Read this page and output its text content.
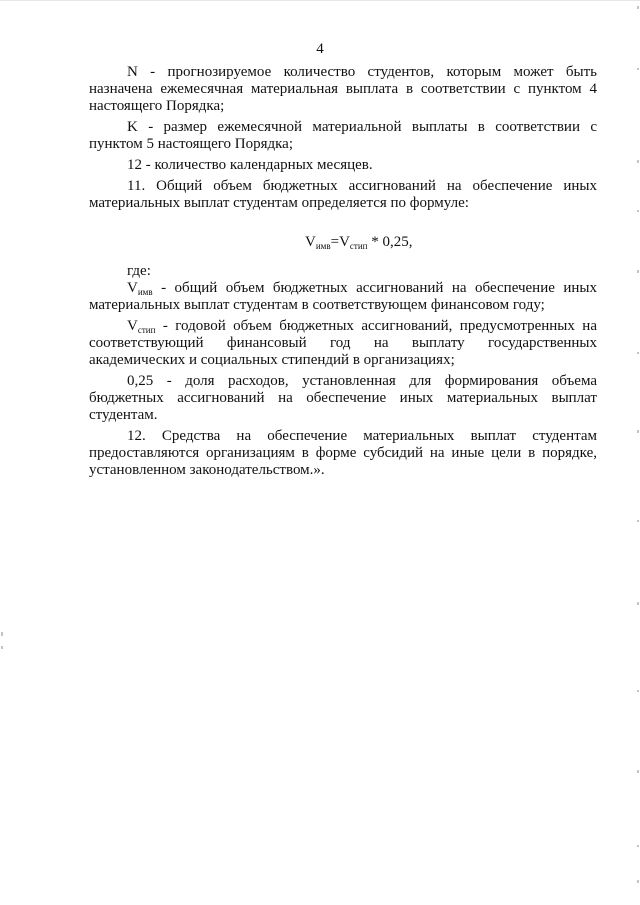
4

N - прогнозируемое количество студентов, которым может быть назначена ежемесячная материальная выплата в соответствии с пунктом 4 настоящего Порядка;

K - размер ежемесячной материальной выплаты в соответствии с пунктом 5 настоящего Порядка;

12 - количество календарных месяцев.

11. Общий объем бюджетных ассигнований на обеспечение иных материальных выплат студентам определяется по формуле:

$V_{имв}=V_{стип} * 0,25$,

где:

$V_{имв}$ - общий объем бюджетных ассигнований на обеспечение иных материальных выплат студентам в соответствующем финансовом году;

$V_{стип}$ - годовой объем бюджетных ассигнований, предусмотренных на соответствующий финансовый год на выплату государственных академических и социальных стипендий в организациях;

0,25 - доля расходов, установленная для формирования объема бюджетных ассигнований на обеспечение иных материальных выплат студентам.

12. Средства на обеспечение материальных выплат студентам предоставляются организациям в форме субсидий на иные цели в порядке, установленном законодательством.».
